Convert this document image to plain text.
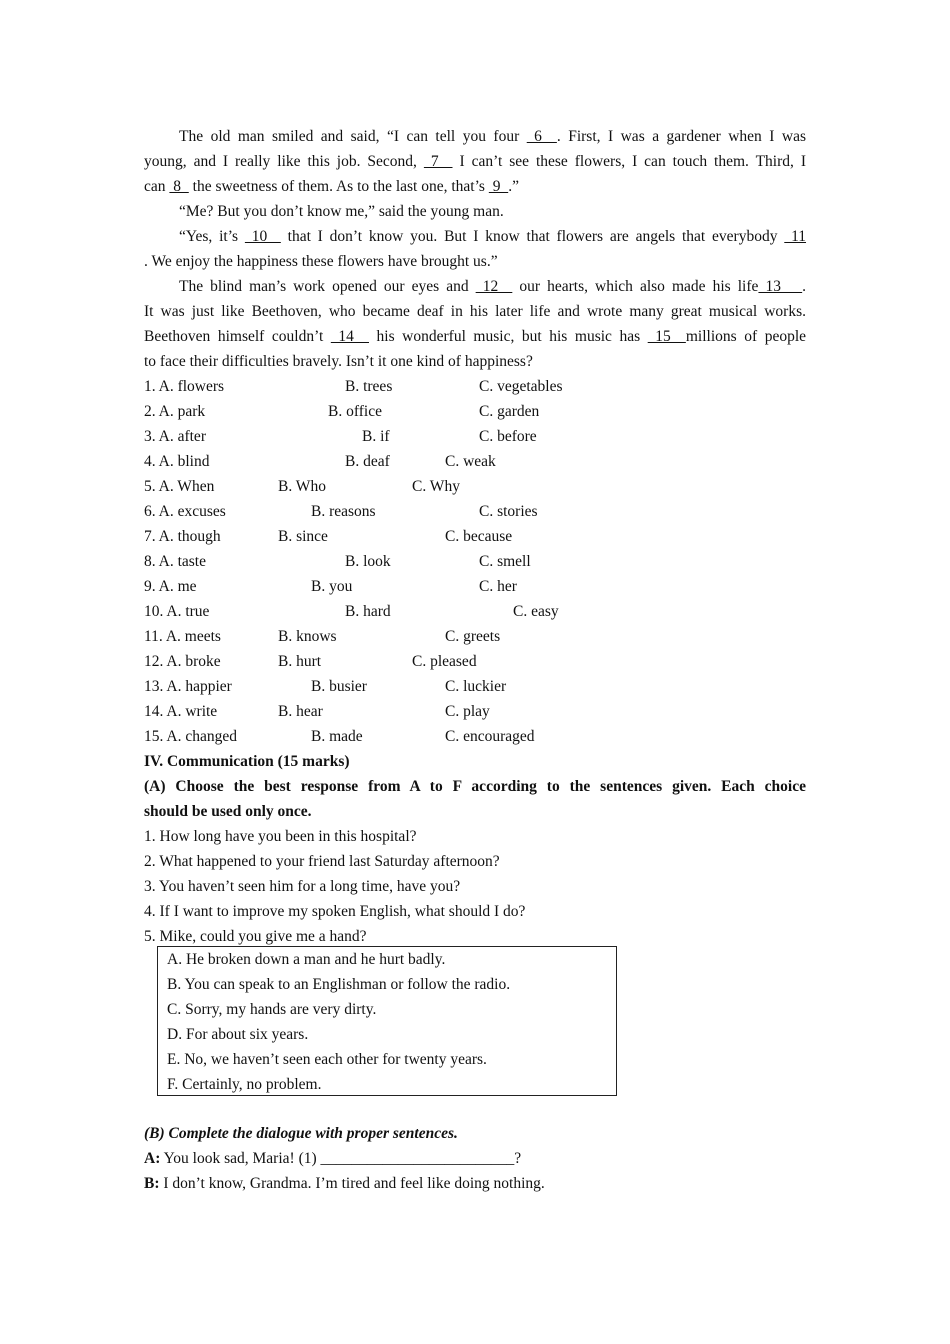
The old man smiled and said, “I can tell you four  6  . First, I was a gardener when I was
young, and I really like this job. Second,  7   I can’t see these flowers, I can touch them. Third, I
can  8   the sweetness of them. As to the last one, that’s  9  .”
“Me? But you don’t know me,” said the young man.
“Yes, it’s  10   that I don’t know you. But I know that flowers are angels that everybody  11
. We enjoy the happiness these flowers have brought us.”
The blind man’s work opened our eyes and  12   our hearts, which also made his life 13   .
It was just like Beethoven, who became deaf in his later life and wrote many great musical works.
Beethoven himself couldn’t  14   his wonderful music, but his music has  15  millions of people
to face their difficulties bravely. Isn’t it one kind of happiness?
1. A. flowers	B. trees	C. vegetables
2. A. park	B. office	C. garden
3. A. after	B. if	C. before
4. A. blind	B. deaf	C. weak
5. A. When	B. Who	C. Why
6. A. excuses	B. reasons	C. stories
7. A. though	B. since	C. because
8. A. taste	B. look	C. smell
9. A. me	B. you	C. her
10. A. true	B. hard	C. easy
11. A. meets	B. knows	C. greets
12. A. broke	B. hurt	C. pleased
13. A. happier	B. busier	C. luckier
14. A. write	B. hear	C. play
15. A. changed	B. made	C. encouraged
IV. Communication (15 marks)
(A) Choose the best response from A to F according to the sentences given. Each choice
should be used only once.
1. How long have you been in this hospital?
2. What happened to your friend last Saturday afternoon?
3. You haven’t seen him for a long time, have you?
4. If I want to improve my spoken English, what should I do?
5. Mike, could you give me a hand?
A. He broken down a man and he hurt badly.
B. You can speak to an Englishman or follow the radio.
C. Sorry, my hands are very dirty.
D. For about six years.
E. No, we haven’t seen each other for twenty years.
F. Certainly, no problem.
(B) Complete the dialogue with proper sentences.
A: You look sad, Maria! (1) _________________________?
B: I don’t know, Grandma. I’m tired and feel like doing nothing.
